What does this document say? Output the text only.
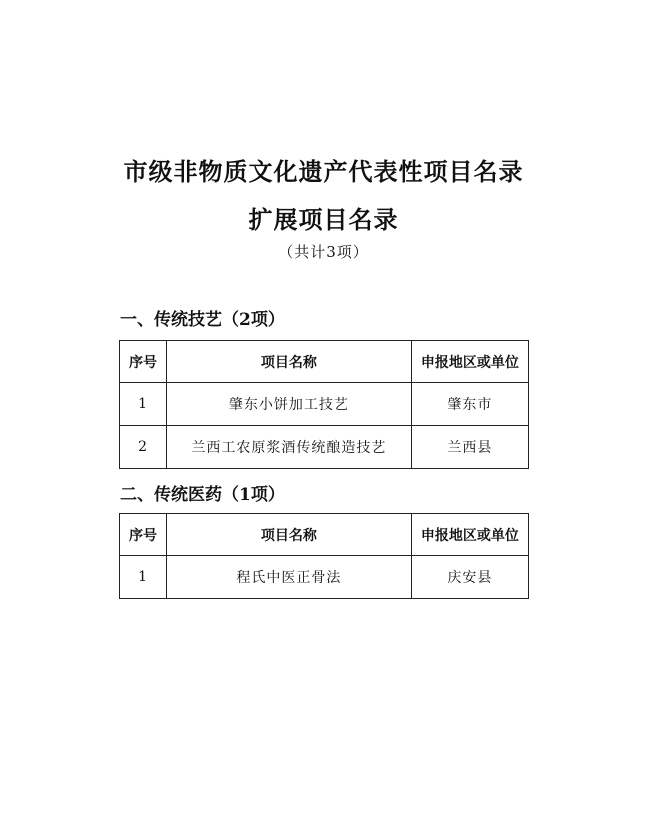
市级非物质文化遗产代表性项目名录
扩展项目名录
（共计3项）
一、传统技艺（2项）
序号	项目名称	申报地区或单位
1	肇东小饼加工技艺	肇东市
2	兰西工农原浆酒传统酿造技艺	兰西县
二、传统医药（1项）
序号	项目名称	申报地区或单位
1	程氏中医正骨法	庆安县
